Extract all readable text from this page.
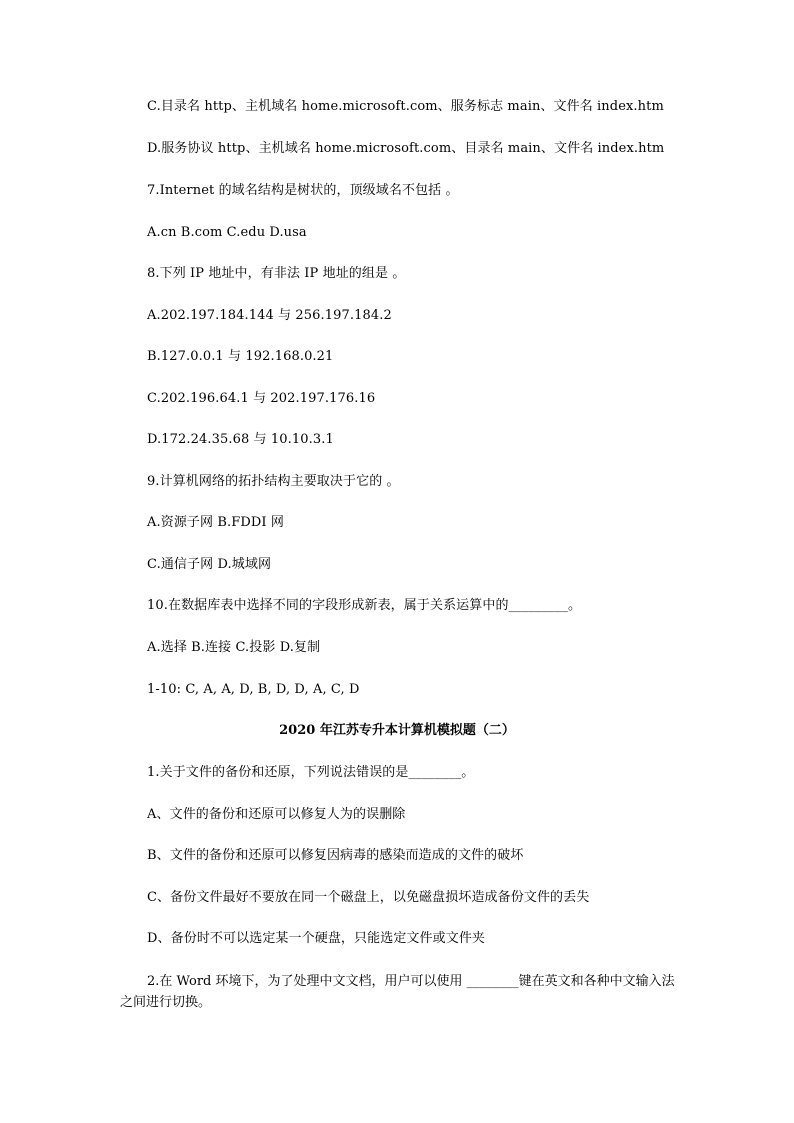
C.目录名 http、主机域名 home.microsoft.com、服务标志 main、文件名 index.htm
D.服务协议 http、主机域名 home.microsoft.com、目录名 main、文件名 index.htm
7.Internet 的域名结构是树状的，顶级域名不包括 。
A.cn B.com C.edu D.usa
8.下列 IP 地址中，有非法 IP 地址的组是 。
A.202.197.184.144 与 256.197.184.2
B.127.0.0.1 与 192.168.0.21
C.202.196.64.1 与 202.197.176.16
D.172.24.35.68 与 10.10.3.1
9.计算机网络的拓扑结构主要取决于它的 。
A.资源子网 B.FDDI 网
C.通信子网 D.城域网
10.在数据库表中选择不同的字段形成新表，属于关系运算中的_________。
A.选择 B.连接 C.投影 D.复制
1-10: C, A, A, D, B, D, D, A, C, D
2020 年江苏专升本计算机模拟题（二）
1.关于文件的备份和还原，下列说法错误的是________。
A、文件的备份和还原可以修复人为的误删除
B、文件的备份和还原可以修复因病毒的感染而造成的文件的破坏
C、备份文件最好不要放在同一个磁盘上，以免磁盘损坏造成备份文件的丢失
D、备份时不可以选定某一个硬盘，只能选定文件或文件夹
2.在 Word 环境下，为了处理中文文档，用户可以使用 ________键在英文和各种中文输入法之间进行切换。
